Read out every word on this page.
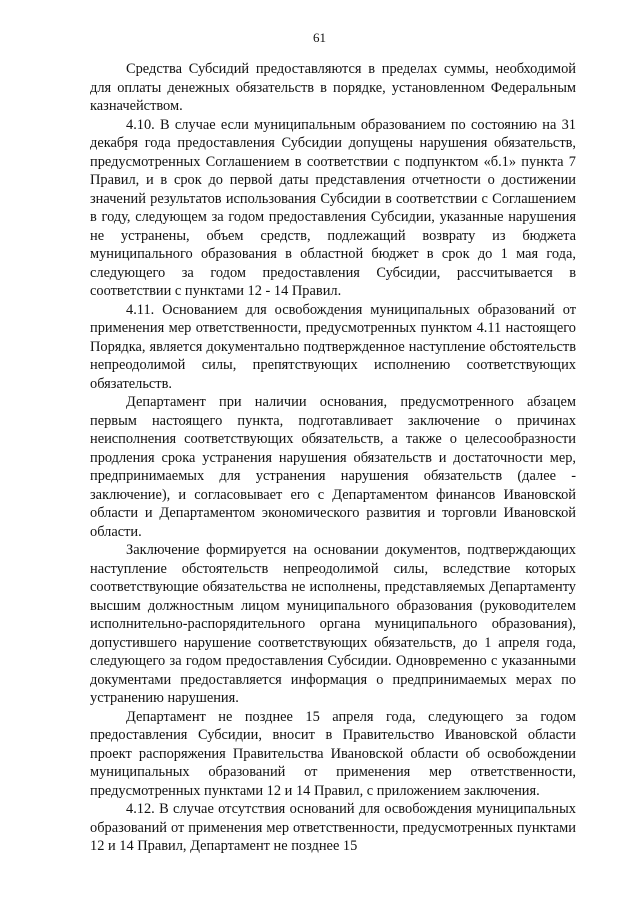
61

Средства Субсидий предоставляются в пределах суммы, необходимой для оплаты денежных обязательств в порядке, установленном Федеральным казначейством.

4.10. В случае если муниципальным образованием по состоянию на 31 декабря года предоставления Субсидии допущены нарушения обязательств, предусмотренных Соглашением в соответствии с подпунктом «б.1» пункта 7 Правил, и в срок до первой даты представления отчетности о достижении значений результатов использования Субсидии в соответствии с Соглашением в году, следующем за годом предоставления Субсидии, указанные нарушения не устранены, объем средств, подлежащий возврату из бюджета муниципального образования в областной бюджет в срок до 1 мая года, следующего за годом предоставления Субсидии, рассчитывается в соответствии с пунктами 12 - 14 Правил.

4.11. Основанием для освобождения муниципальных образований от применения мер ответственности, предусмотренных пунктом 4.11 настоящего Порядка, является документально подтвержденное наступление обстоятельств непреодолимой силы, препятствующих исполнению соответствующих обязательств.

Департамент при наличии основания, предусмотренного абзацем первым настоящего пункта, подготавливает заключение о причинах неисполнения соответствующих обязательств, а также о целесообразности продления срока устранения нарушения обязательств и достаточности мер, предпринимаемых для устранения нарушения обязательств (далее - заключение), и согласовывает его с Департаментом финансов Ивановской области и Департаментом экономического развития и торговли Ивановской области.

Заключение формируется на основании документов, подтверждающих наступление обстоятельств непреодолимой силы, вследствие которых соответствующие обязательства не исполнены, представляемых Департаменту высшим должностным лицом муниципального образования (руководителем исполнительно-распорядительного органа муниципального образования), допустившего нарушение соответствующих обязательств, до 1 апреля года, следующего за годом предоставления Субсидии. Одновременно с указанными документами предоставляется информация о предпринимаемых мерах по устранению нарушения.

Департамент не позднее 15 апреля года, следующего за годом предоставления Субсидии, вносит в Правительство Ивановской области проект распоряжения Правительства Ивановской области об освобождении муниципальных образований от применения мер ответственности, предусмотренных пунктами 12 и 14 Правил, с приложением заключения.

4.12. В случае отсутствия оснований для освобождения муниципальных образований от применения мер ответственности, предусмотренных пунктами 12 и 14 Правил, Департамент не позднее 15
